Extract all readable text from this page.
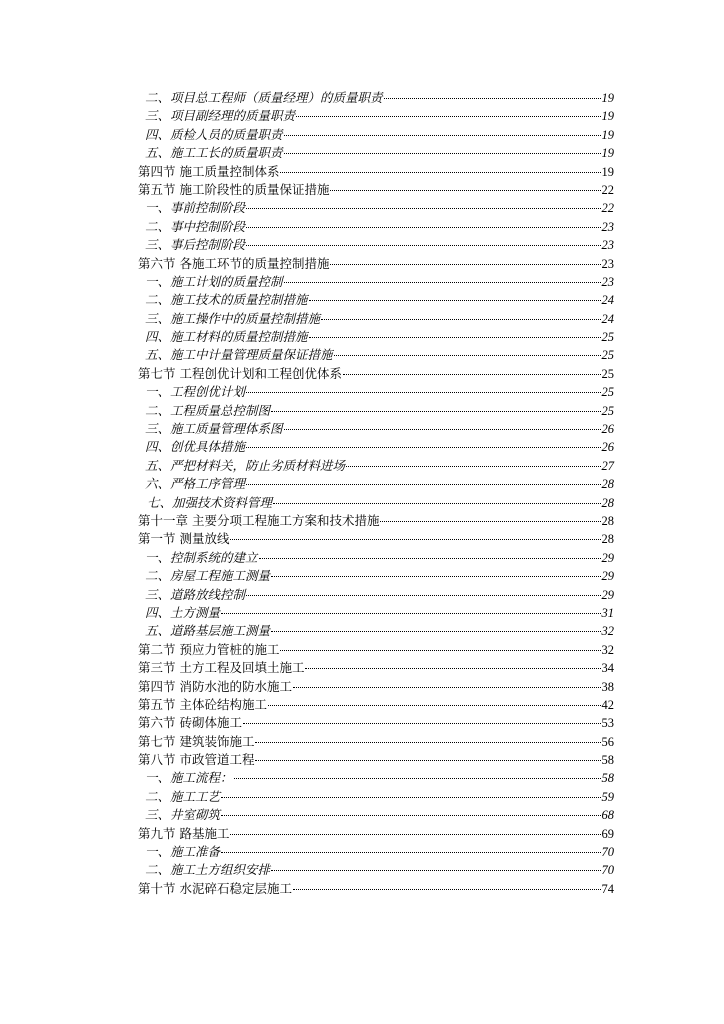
二、项目总工程师（质量经理）的质量职责	19
三、项目副经理的质量职责	19
四、质检人员的质量职责	19
五、施工工长的质量职责	19
第四节 施工质量控制体系	19
第五节 施工阶段性的质量保证措施	22
一、事前控制阶段	22
二、事中控制阶段	23
三、事后控制阶段	23
第六节 各施工环节的质量控制措施	23
一、施工计划的质量控制	23
二、施工技术的质量控制措施	24
三、施工操作中的质量控制措施	24
四、施工材料的质量控制措施	25
五、施工中计量管理质量保证措施	25
第七节 工程创优计划和工程创优体系	25
一、工程创优计划	25
二、工程质量总控制图	25
三、施工质量管理体系图	26
四、创优具体措施	26
五、严把材料关，防止劣质材料进场	27
六、严格工序管理	28
七、加强技术资料管理	28
第十一章 主要分项工程施工方案和技术措施	28
第一节 测量放线	28
一、控制系统的建立	29
二、房屋工程施工测量	29
三、道路放线控制	29
四、土方测量	31
五、道路基层施工测量	32
第二节 预应力管桩的施工	32
第三节 土方工程及回填土施工	34
第四节 消防水池的防水施工	38
第五节 主体砼结构施工	42
第六节 砖砌体施工	53
第七节 建筑装饰施工	56
第八节 市政管道工程	58
一、施工流程：	58
二、施工工艺	59
三、井室砌筑	68
第九节 路基施工	69
一、施工准备	70
二、施工土方组织安排	70
第十节 水泥碎石稳定层施工	74
